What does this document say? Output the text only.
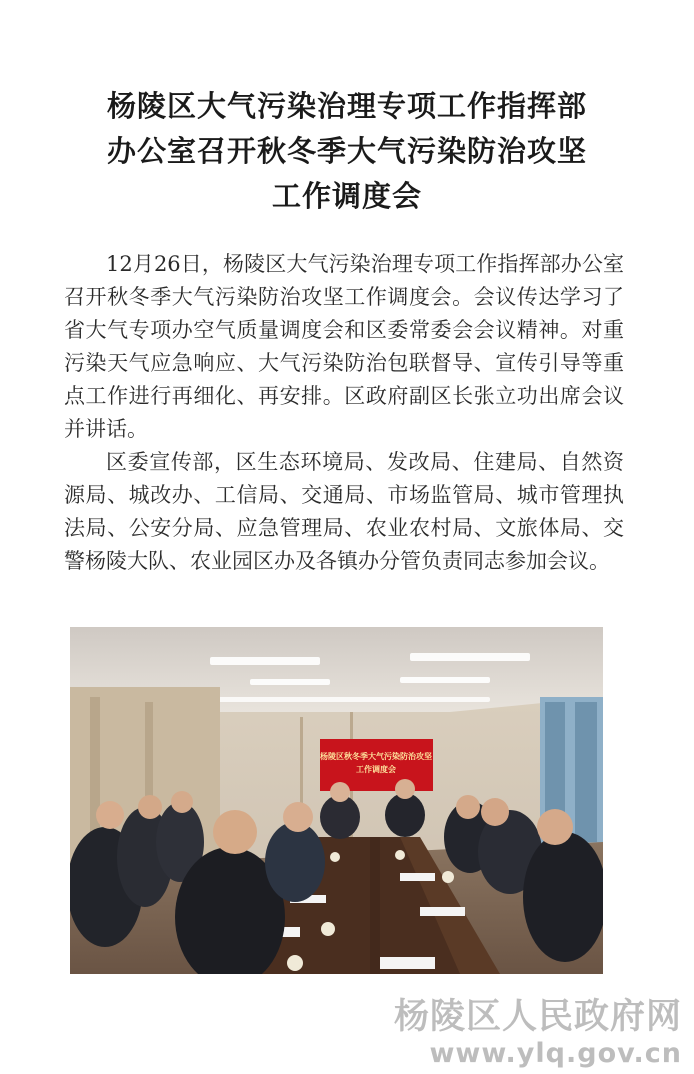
杨陵区大气污染治理专项工作指挥部
办公室召开秋冬季大气污染防治攻坚
工作调度会

12月26日，杨陵区大气污染治理专项工作指挥部办公室召开秋冬季大气污染防治攻坚工作调度会。会议传达学习了省大气专项办空气质量调度会和区委常委会会议精神。对重污染天气应急响应、大气污染防治包联督导、宣传引导等重点工作进行再细化、再安排。区政府副区长张立功出席会议并讲话。

区委宣传部，区生态环境局、发改局、住建局、自然资源局、城改办、工信局、交通局、市场监管局、城市管理执法局、公安分局、应急管理局、农业农村局、文旅体局、交警杨陵大队、农业园区办及各镇办分管负责同志参加会议。

杨陵区秋冬季大气污染防治攻坚
工作调度会
杨陵区人民政府网
www.ylq.gov.cn
